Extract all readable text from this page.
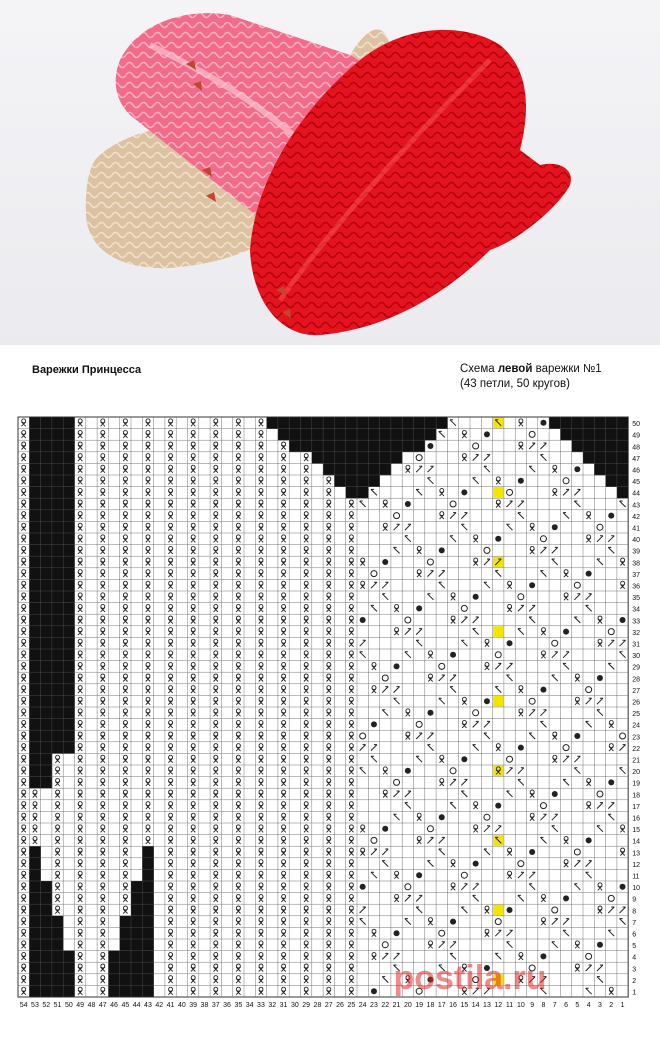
Варежки Принцесса	Схема левой варежки №1
(43 петли, 50 кругов)
50
49
48
47
46
45
44
43
42
41
40
39
38
37
36
35
34
33
32
31
30
29
28
27
26
25
24
23
22
21
20
19
18
17
16
15
14
13
12
11
10
9
8
7
6
5
4
3
2
1
54 53 52 51 50 49 48 47 46 45 44 43 42 41 40 39 38 37 36 35 34 33 32 31 30 29 28 27 26 25 24 23 22 21 20 19 18 17 16 15 14 13 12 11 10 9 8 7 6 5 4 3 2 1
postila.ru
